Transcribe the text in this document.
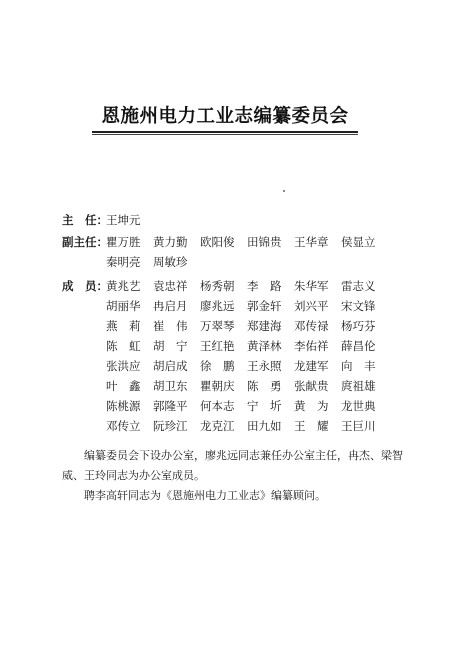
恩施州电力工业志编纂委员会
主　任：
王坤元
副主任：
瞿万胜	黄力勤	欧阳俊	田锦贵	王华章	侯显立
秦明亮	周敏珍
成　员：
黄兆艺	袁忠祥	杨秀朝	李　路	朱华军	雷志义
胡丽华	冉启月	廖兆远	郭金轩	刘兴平	宋文锋
燕　莉	崔　伟	万翠琴	郑建海	邓传禄	杨巧芬
陈　虹	胡　宁	王红艳	黄泽林	李佑祥	薛昌伦
张洪应	胡启成	徐　鹏	王永照	龙建军	向　丰
叶　鑫	胡卫东	瞿朝庆	陈　勇	张献贵	庹祖雄
陈桃源	郭隆平	何本志	宁　圻	黄　为	龙世典
邓传立	阮珍江	龙克江	田九如	王　耀	王巨川

编纂委员会下设办公室，廖兆远同志兼任办公室主任，冉杰、梁智威、王玲同志为办公室成员。

聘李高轩同志为《恩施州电力工业志》编纂顾问。
